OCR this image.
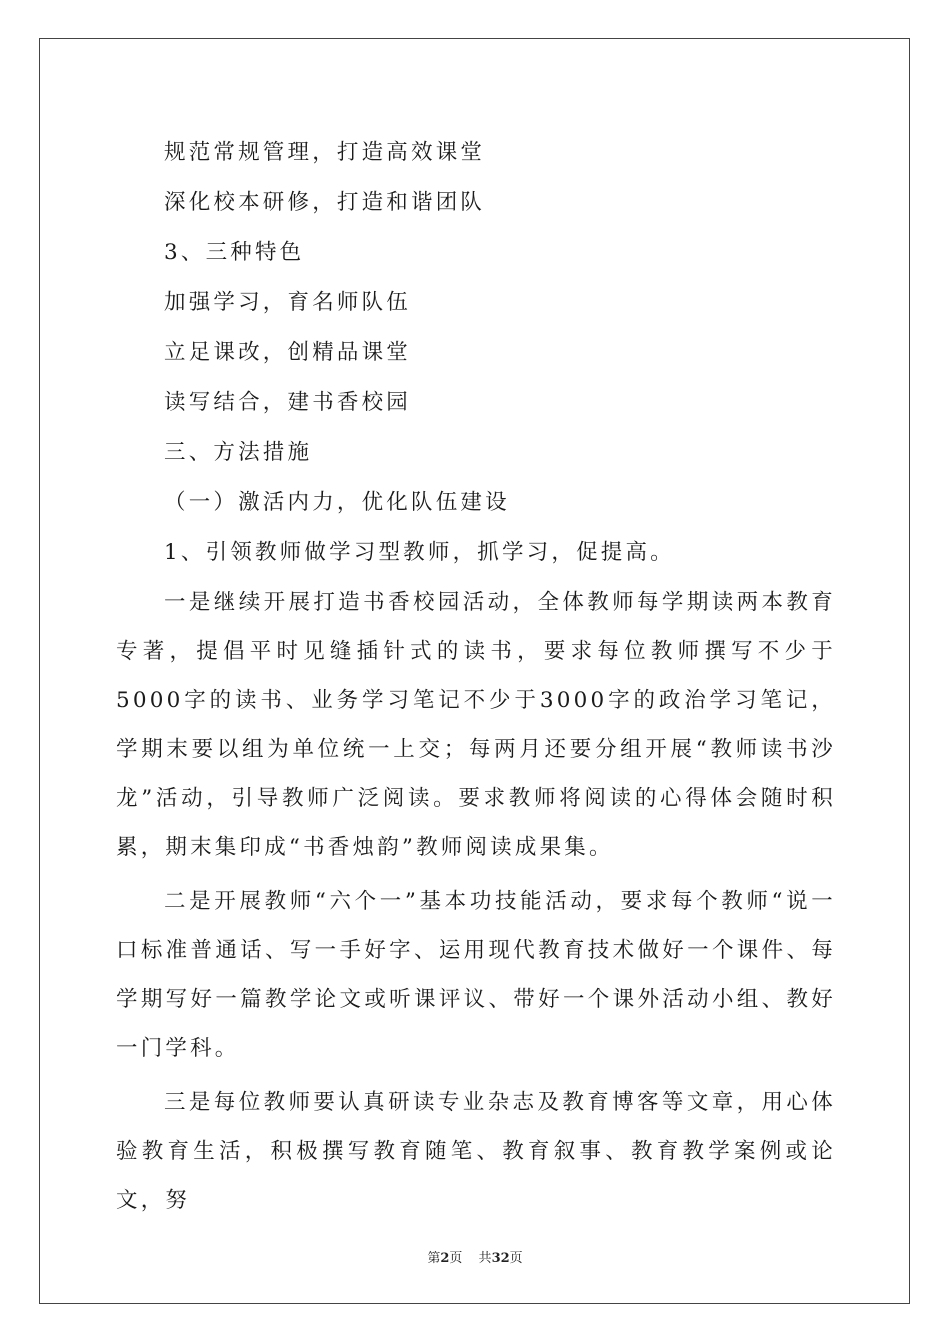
规范常规管理，打造高效课堂
深化校本研修，打造和谐团队
3、三种特色
加强学习，育名师队伍
立足课改，创精品课堂
读写结合，建书香校园
三、方法措施
（一）激活内力，优化队伍建设
1、引领教师做学习型教师，抓学习，促提高。

一是继续开展打造书香校园活动，全体教师每学期读两本教育专著，提倡平时见缝插针式的读书，要求每位教师撰写不少于5000字的读书、业务学习笔记不少于3000字的政治学习笔记，学期末要以组为单位统一上交；每两月还要分组开展“教师读书沙龙”活动，引导教师广泛阅读。要求教师将阅读的心得体会随时积累，期末集印成“书香烛韵”教师阅读成果集。

二是开展教师“六个一”基本功技能活动，要求每个教师“说一口标准普通话、写一手好字、运用现代教育技术做好一个课件、每学期写好一篇教学论文或听课评议、带好一个课外活动小组、教好一门学科。

三是每位教师要认真研读专业杂志及教育博客等文章，用心体验教育生活，积极撰写教育随笔、教育叙事、教育教学案例或论文，努

第2页 共32页
